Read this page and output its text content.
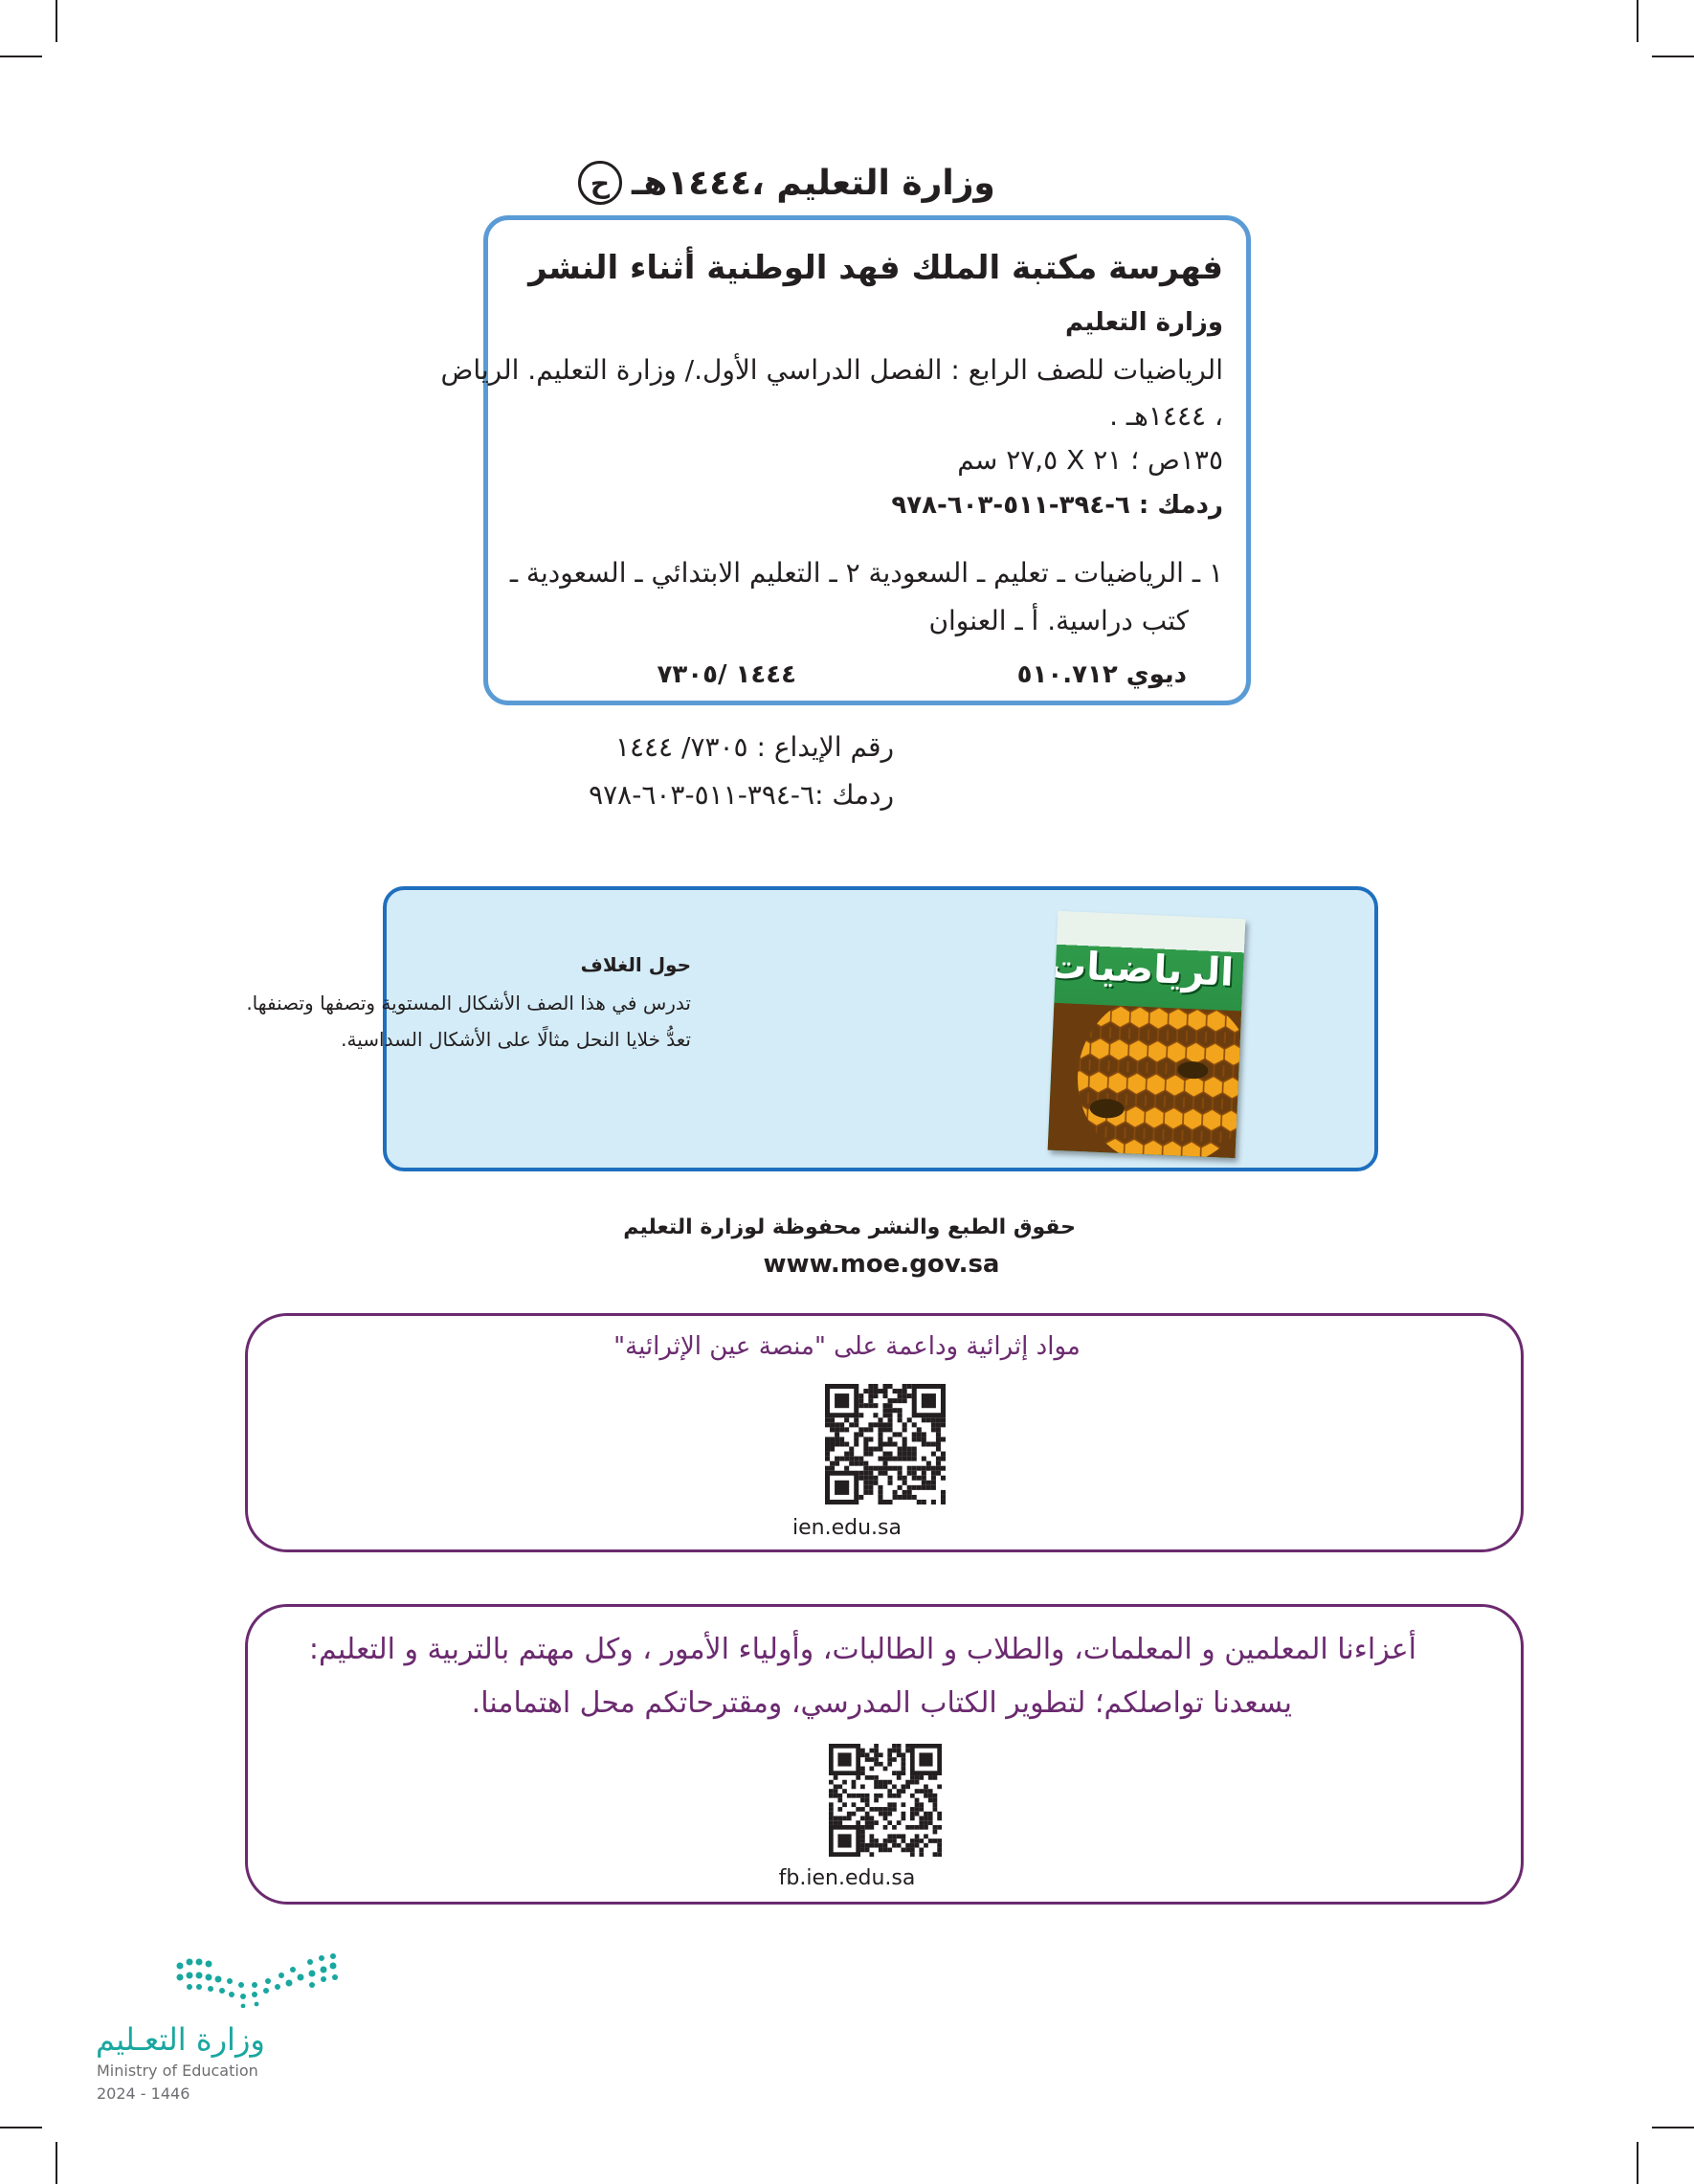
ح وزارة التعليم ،١٤٤٤هـ
فهرسة مكتبة الملك فهد الوطنية أثناء النشر
وزارة التعليم
الرياضيات للصف الرابع : الفصل الدراسي الأول./ وزارة التعليم. الرياض
، ١٤٤٤هـ .
١٣٥ص ؛ ٢١ X ٢٧,٥ سم
ردمك : ٦-٣٩٤-٥١١-٦٠٣-٩٧٨
١ ـ الرياضيات ـ تعليم ـ السعودية ٢ ـ التعليم الابتدائي ـ السعودية ـ
كتب دراسية. أ ـ العنوان
ديوي ٥١٠.٧١٢
١٤٤٤ /٧٣٠٥
رقم الإيداع : ٧٣٠٥/ ١٤٤٤
ردمك :٦-٣٩٤-٥١١-٦٠٣-٩٧٨
حول الغلاف
تدرس في هذا الصف الأشكال المستوية وتصفها وتصنفها.
تعدُّ خلايا النحل مثالًا على الأشكال السداسية.
الرياضيات
حقوق الطبع والنشر محفوظة لوزارة التعليم
www.moe.gov.sa
مواد إثرائية وداعمة على "منصة عين الإثرائية"
ien.edu.sa
أعزاءنا المعلمين و المعلمات، والطلاب و الطالبات، وأولياء الأمور ، وكل مهتم بالتربية و التعليم:
يسعدنا تواصلكم؛ لتطوير الكتاب المدرسي، ومقترحاتكم محل اهتمامنا.
fb.ien.edu.sa
وزارة التعـليم
Ministry of Education
2024 - 1446
